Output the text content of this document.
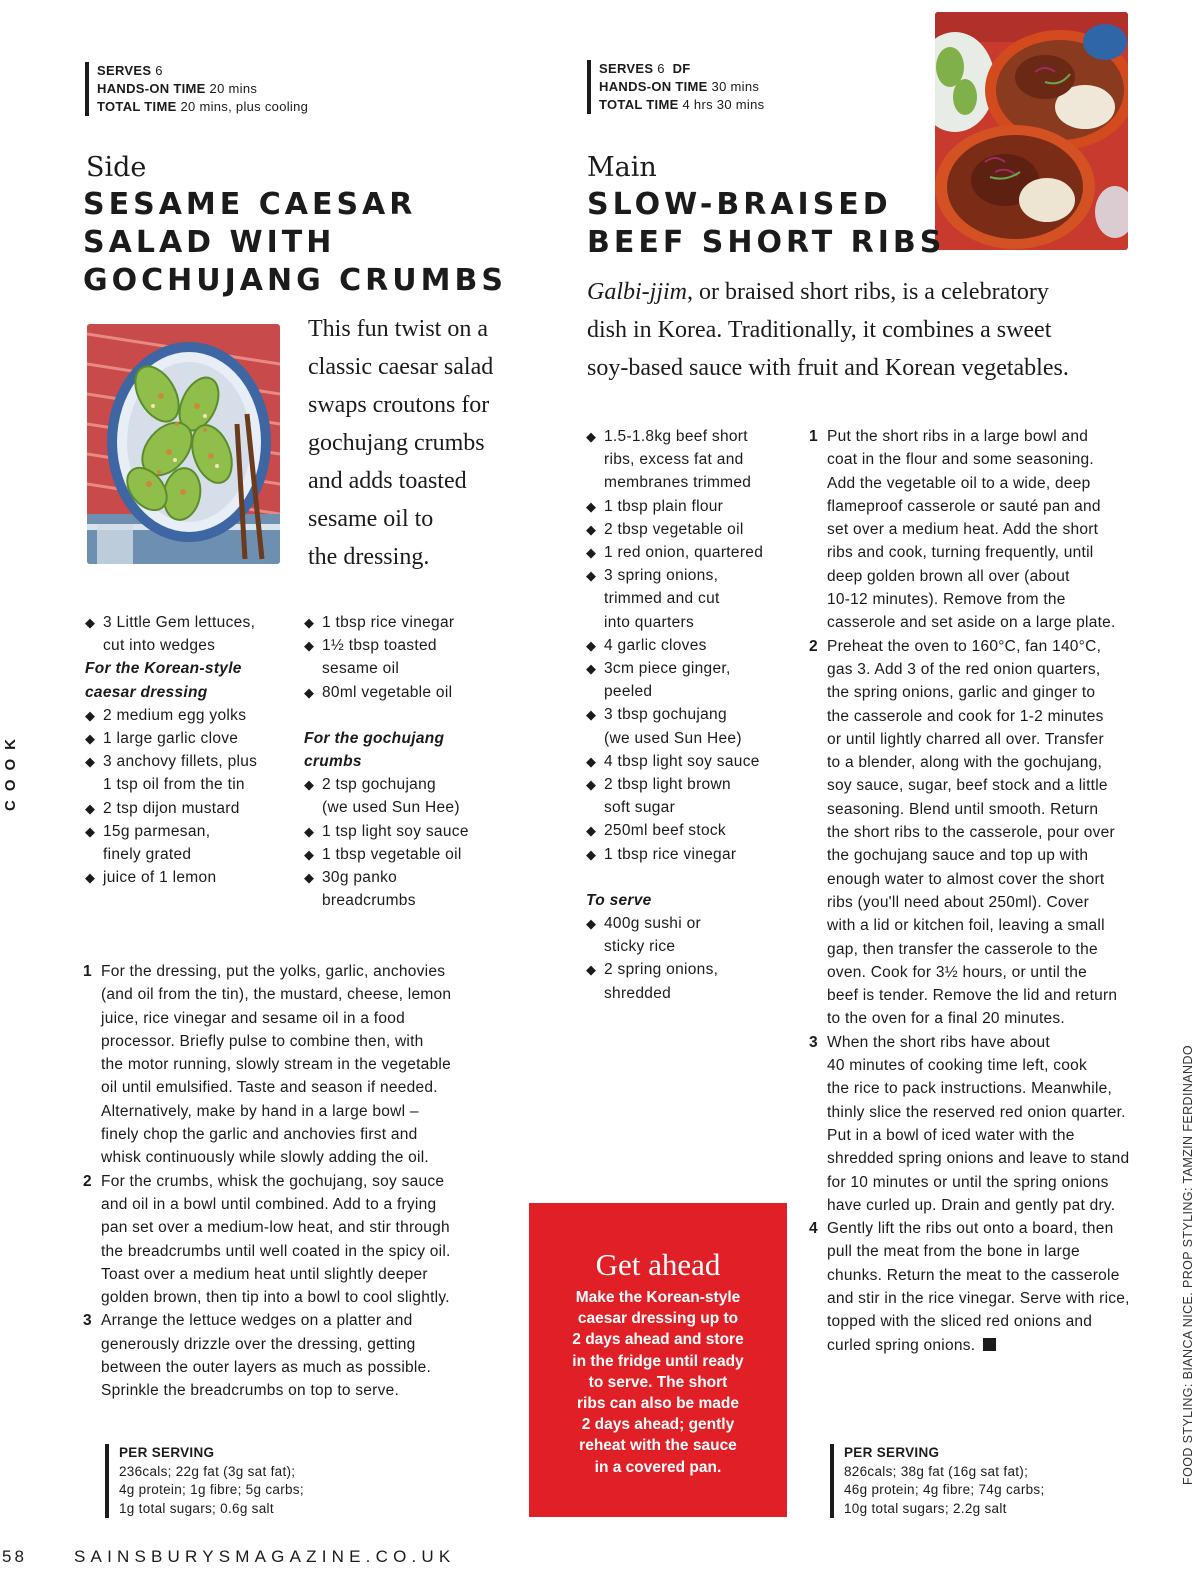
SERVES 6
HANDS-ON TIME 20 mins
TOTAL TIME 20 mins, plus cooling
Side
SESAME CAESAR
SALAD WITH
GOCHUJANG CRUMBS
This fun twist on a
classic caesar salad
swaps croutons for
gochujang crumbs
and adds toasted
sesame oil to
the dressing.
◆ 3 Little Gem lettuces,
cut into wedges
For the Korean-style
caesar dressing
◆ 2 medium egg yolks
◆ 1 large garlic clove
◆ 3 anchovy fillets, plus
1 tsp oil from the tin
◆ 2 tsp dijon mustard
◆ 15g parmesan,
finely grated
◆ juice of 1 lemon
◆ 1 tbsp rice vinegar
◆ 1½ tbsp toasted
sesame oil
◆ 80ml vegetable oil
For the gochujang
crumbs
◆ 2 tsp gochujang
(we used Sun Hee)
◆ 1 tsp light soy sauce
◆ 1 tbsp vegetable oil
◆ 30g panko
breadcrumbs
1 For the dressing, put the yolks, garlic, anchovies
(and oil from the tin), the mustard, cheese, lemon
juice, rice vinegar and sesame oil in a food
processor. Briefly pulse to combine then, with
the motor running, slowly stream in the vegetable
oil until emulsified. Taste and season if needed.
Alternatively, make by hand in a large bowl –
finely chop the garlic and anchovies first and
whisk continuously while slowly adding the oil.
2 For the crumbs, whisk the gochujang, soy sauce
and oil in a bowl until combined. Add to a frying
pan set over a medium-low heat, and stir through
the breadcrumbs until well coated in the spicy oil.
Toast over a medium heat until slightly deeper
golden brown, then tip into a bowl to cool slightly.
3 Arrange the lettuce wedges on a platter and
generously drizzle over the dressing, getting
between the outer layers as much as possible.
Sprinkle the breadcrumbs on top to serve.
PER SERVING
236cals; 22g fat (3g sat fat);
4g protein; 1g fibre; 5g carbs;
1g total sugars; 0.6g salt
SERVES 6 DF
HANDS-ON TIME 30 mins
TOTAL TIME 4 hrs 30 mins
Main
SLOW-BRAISED
BEEF SHORT RIBS
Galbi-jjim, or braised short ribs, is a celebratory
dish in Korea. Traditionally, it combines a sweet
soy-based sauce with fruit and Korean vegetables.
◆ 1.5-1.8kg beef short
ribs, excess fat and
membranes trimmed
◆ 1 tbsp plain flour
◆ 2 tbsp vegetable oil
◆ 1 red onion, quartered
◆ 3 spring onions,
trimmed and cut
into quarters
◆ 4 garlic cloves
◆ 3cm piece ginger,
peeled
◆ 3 tbsp gochujang
(we used Sun Hee)
◆ 4 tbsp light soy sauce
◆ 2 tbsp light brown
soft sugar
◆ 250ml beef stock
◆ 1 tbsp rice vinegar
To serve
◆ 400g sushi or
sticky rice
◆ 2 spring onions,
shredded
1 Put the short ribs in a large bowl and
coat in the flour and some seasoning.
Add the vegetable oil to a wide, deep
flameproof casserole or sauté pan and
set over a medium heat. Add the short
ribs and cook, turning frequently, until
deep golden brown all over (about
10-12 minutes). Remove from the
casserole and set aside on a large plate.
2 Preheat the oven to 160°C, fan 140°C,
gas 3. Add 3 of the red onion quarters,
the spring onions, garlic and ginger to
the casserole and cook for 1-2 minutes
or until lightly charred all over. Transfer
to a blender, along with the gochujang,
soy sauce, sugar, beef stock and a little
seasoning. Blend until smooth. Return
the short ribs to the casserole, pour over
the gochujang sauce and top up with
enough water to almost cover the short
ribs (you'll need about 250ml). Cover
with a lid or kitchen foil, leaving a small
gap, then transfer the casserole to the
oven. Cook for 3½ hours, or until the
beef is tender. Remove the lid and return
to the oven for a final 20 minutes.
3 When the short ribs have about
40 minutes of cooking time left, cook
the rice to pack instructions. Meanwhile,
thinly slice the reserved red onion quarter.
Put in a bowl of iced water with the
shredded spring onions and leave to stand
for 10 minutes or until the spring onions
have curled up. Drain and gently pat dry.
4 Gently lift the ribs out onto a board, then
pull the meat from the bone in large
chunks. Return the meat to the casserole
and stir in the rice vinegar. Serve with rice,
topped with the sliced red onions and
curled spring onions.
Get ahead
Make the Korean-style
caesar dressing up to
2 days ahead and store
in the fridge until ready
to serve. The short
ribs can also be made
2 days ahead; gently
reheat with the sauce
in a covered pan.
PER SERVING
826cals; 38g fat (16g sat fat);
46g protein; 4g fibre; 74g carbs;
10g total sugars; 2.2g salt
COOK
FOOD STYLING: BIANCA NICE. PROP STYLING: TAMZIN FERDINANDO
58	SAINSBURYSMAGAZINE.CO.UK
